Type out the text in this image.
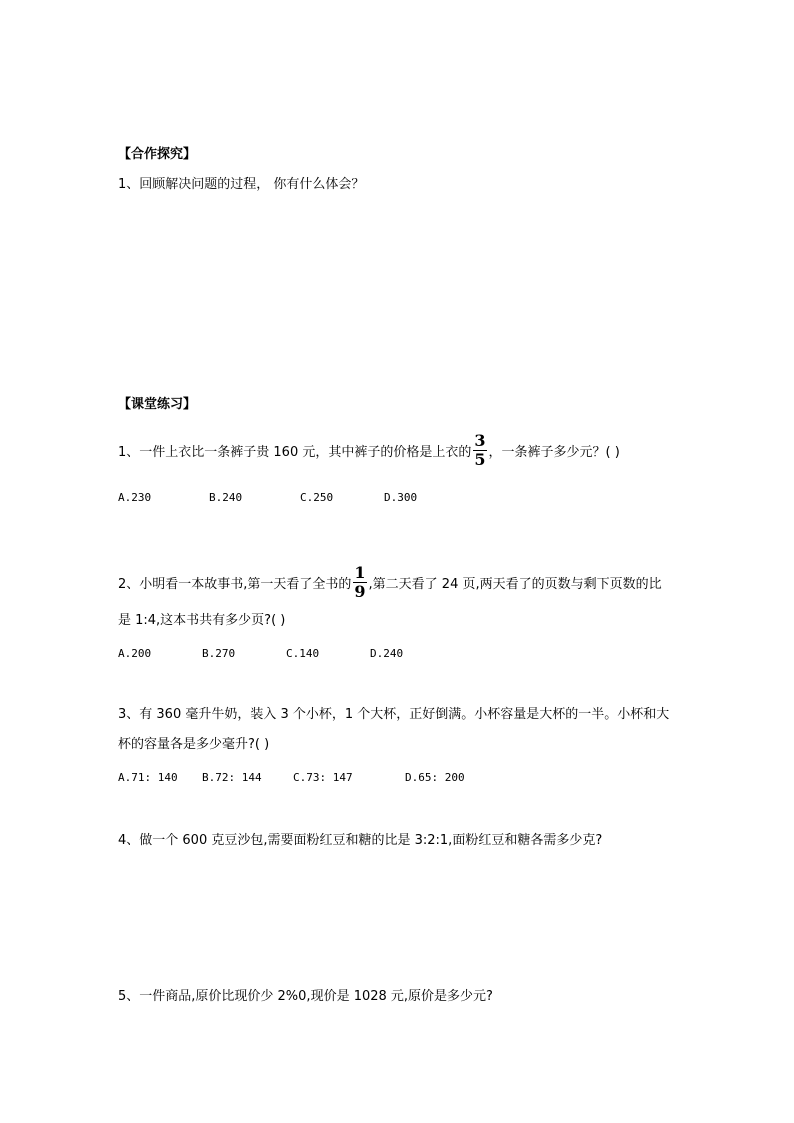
【合作探究】
1、回顾解决问题的过程， 你有什么体会？
【课堂练习】
1、一件上衣比一条裤子贵 160 元，其中裤子的价格是上衣的 $\frac{3}{5}$ ，一条裤子多少元？( )
A.230	B.240	C.250	D.300
2、小明看一本故事书,第一天看了全书的 $\frac{1}{9}$ ,第二天看了 24 页,两天看了的页数与剩下页数的比
是 1:4,这本书共有多少页?( )
A.200	B.270	C.140	D.240
3、有 360 毫升牛奶，装入 3 个小杯，1 个大杯，正好倒满。小杯容量是大杯的一半。小杯和大
杯的容量各是多少毫升?( )
A.71: 140 B.72: 144	C.73: 147	D.65: 200
4、做一个 600 克豆沙包,需要面粉红豆和糖的比是 3:2:1,面粉红豆和糖各需多少克?
5、一件商品,原价比现价少 2%0,现价是 1028 元,原价是多少元?
